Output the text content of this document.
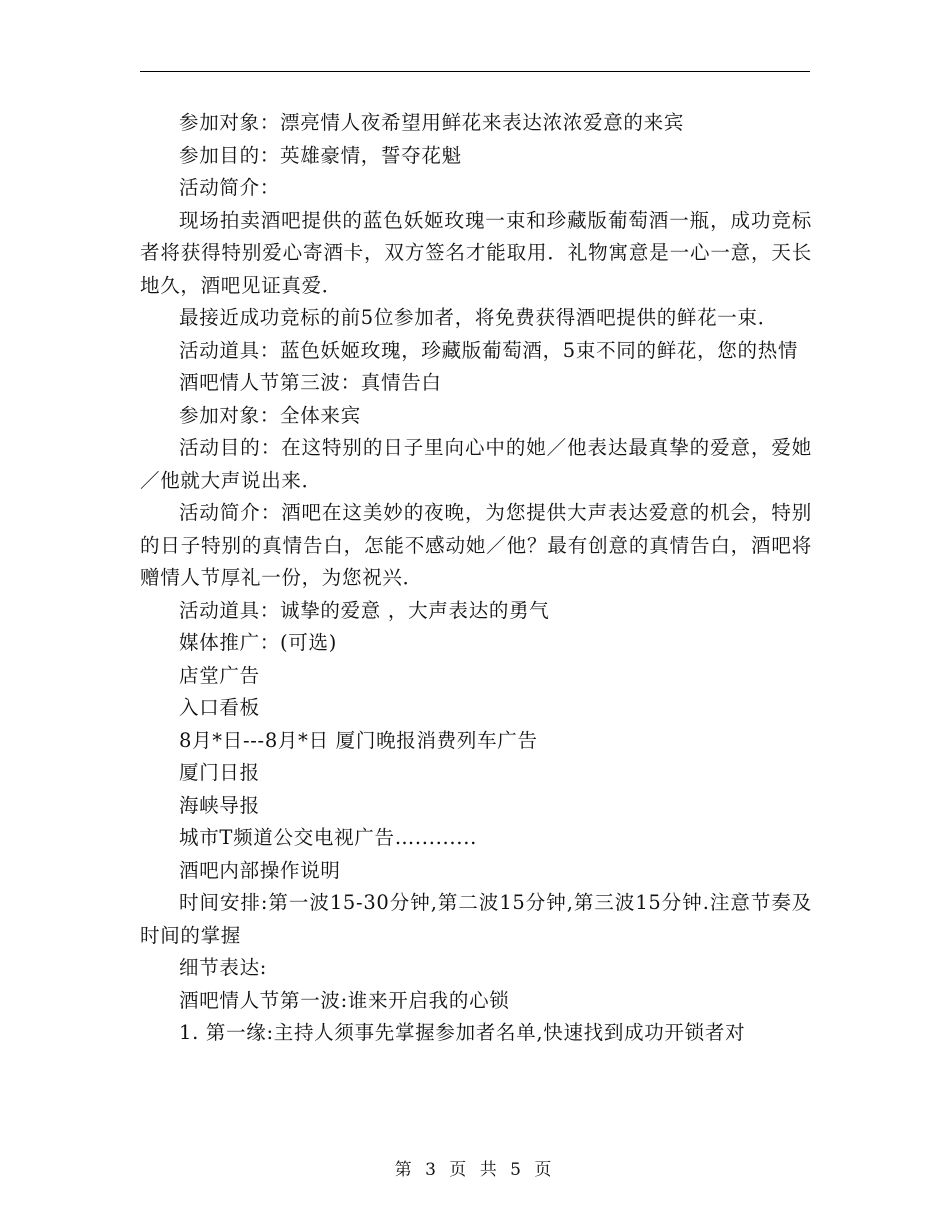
参加对象：漂亮情人夜希望用鲜花来表达浓浓爱意的来宾

参加目的：英雄豪情，誓夺花魁

活动简介：

现场拍卖酒吧提供的蓝色妖姬玫瑰一束和珍藏版葡萄酒一瓶，成功竞标者将获得特别爱心寄酒卡，双方签名才能取用．礼物寓意是一心一意，天长地久，酒吧见证真爱．

最接近成功竞标的前5位参加者，将免费获得酒吧提供的鲜花一束．

活动道具：蓝色妖姬玫瑰，珍藏版葡萄酒，5束不同的鲜花，您的热情

酒吧情人节第三波：真情告白

参加对象：全体来宾

活动目的：在这特别的日子里向心中的她／他表达最真挚的爱意，爱她／他就大声说出来．

活动简介：酒吧在这美妙的夜晚，为您提供大声表达爱意的机会，特别的日子特别的真情告白，怎能不感动她／他？最有创意的真情告白，酒吧将赠情人节厚礼一份，为您祝兴．

活动道具：诚挚的爱意 ，大声表达的勇气

媒体推广：(可选)

店堂广告

入口看板

8月*日---8月*日 厦门晚报消费列车广告

厦门日报

海峡导报

城市T频道公交电视广告….........

酒吧内部操作说明

时间安排:第一波15-30分钟,第二波15分钟,第三波15分钟.注意节奏及时间的掌握

细节表达:

酒吧情人节第一波:谁来开启我的心锁

1. 第一缘:主持人须事先掌握参加者名单,快速找到成功开锁者对

第 3 页 共 5 页
